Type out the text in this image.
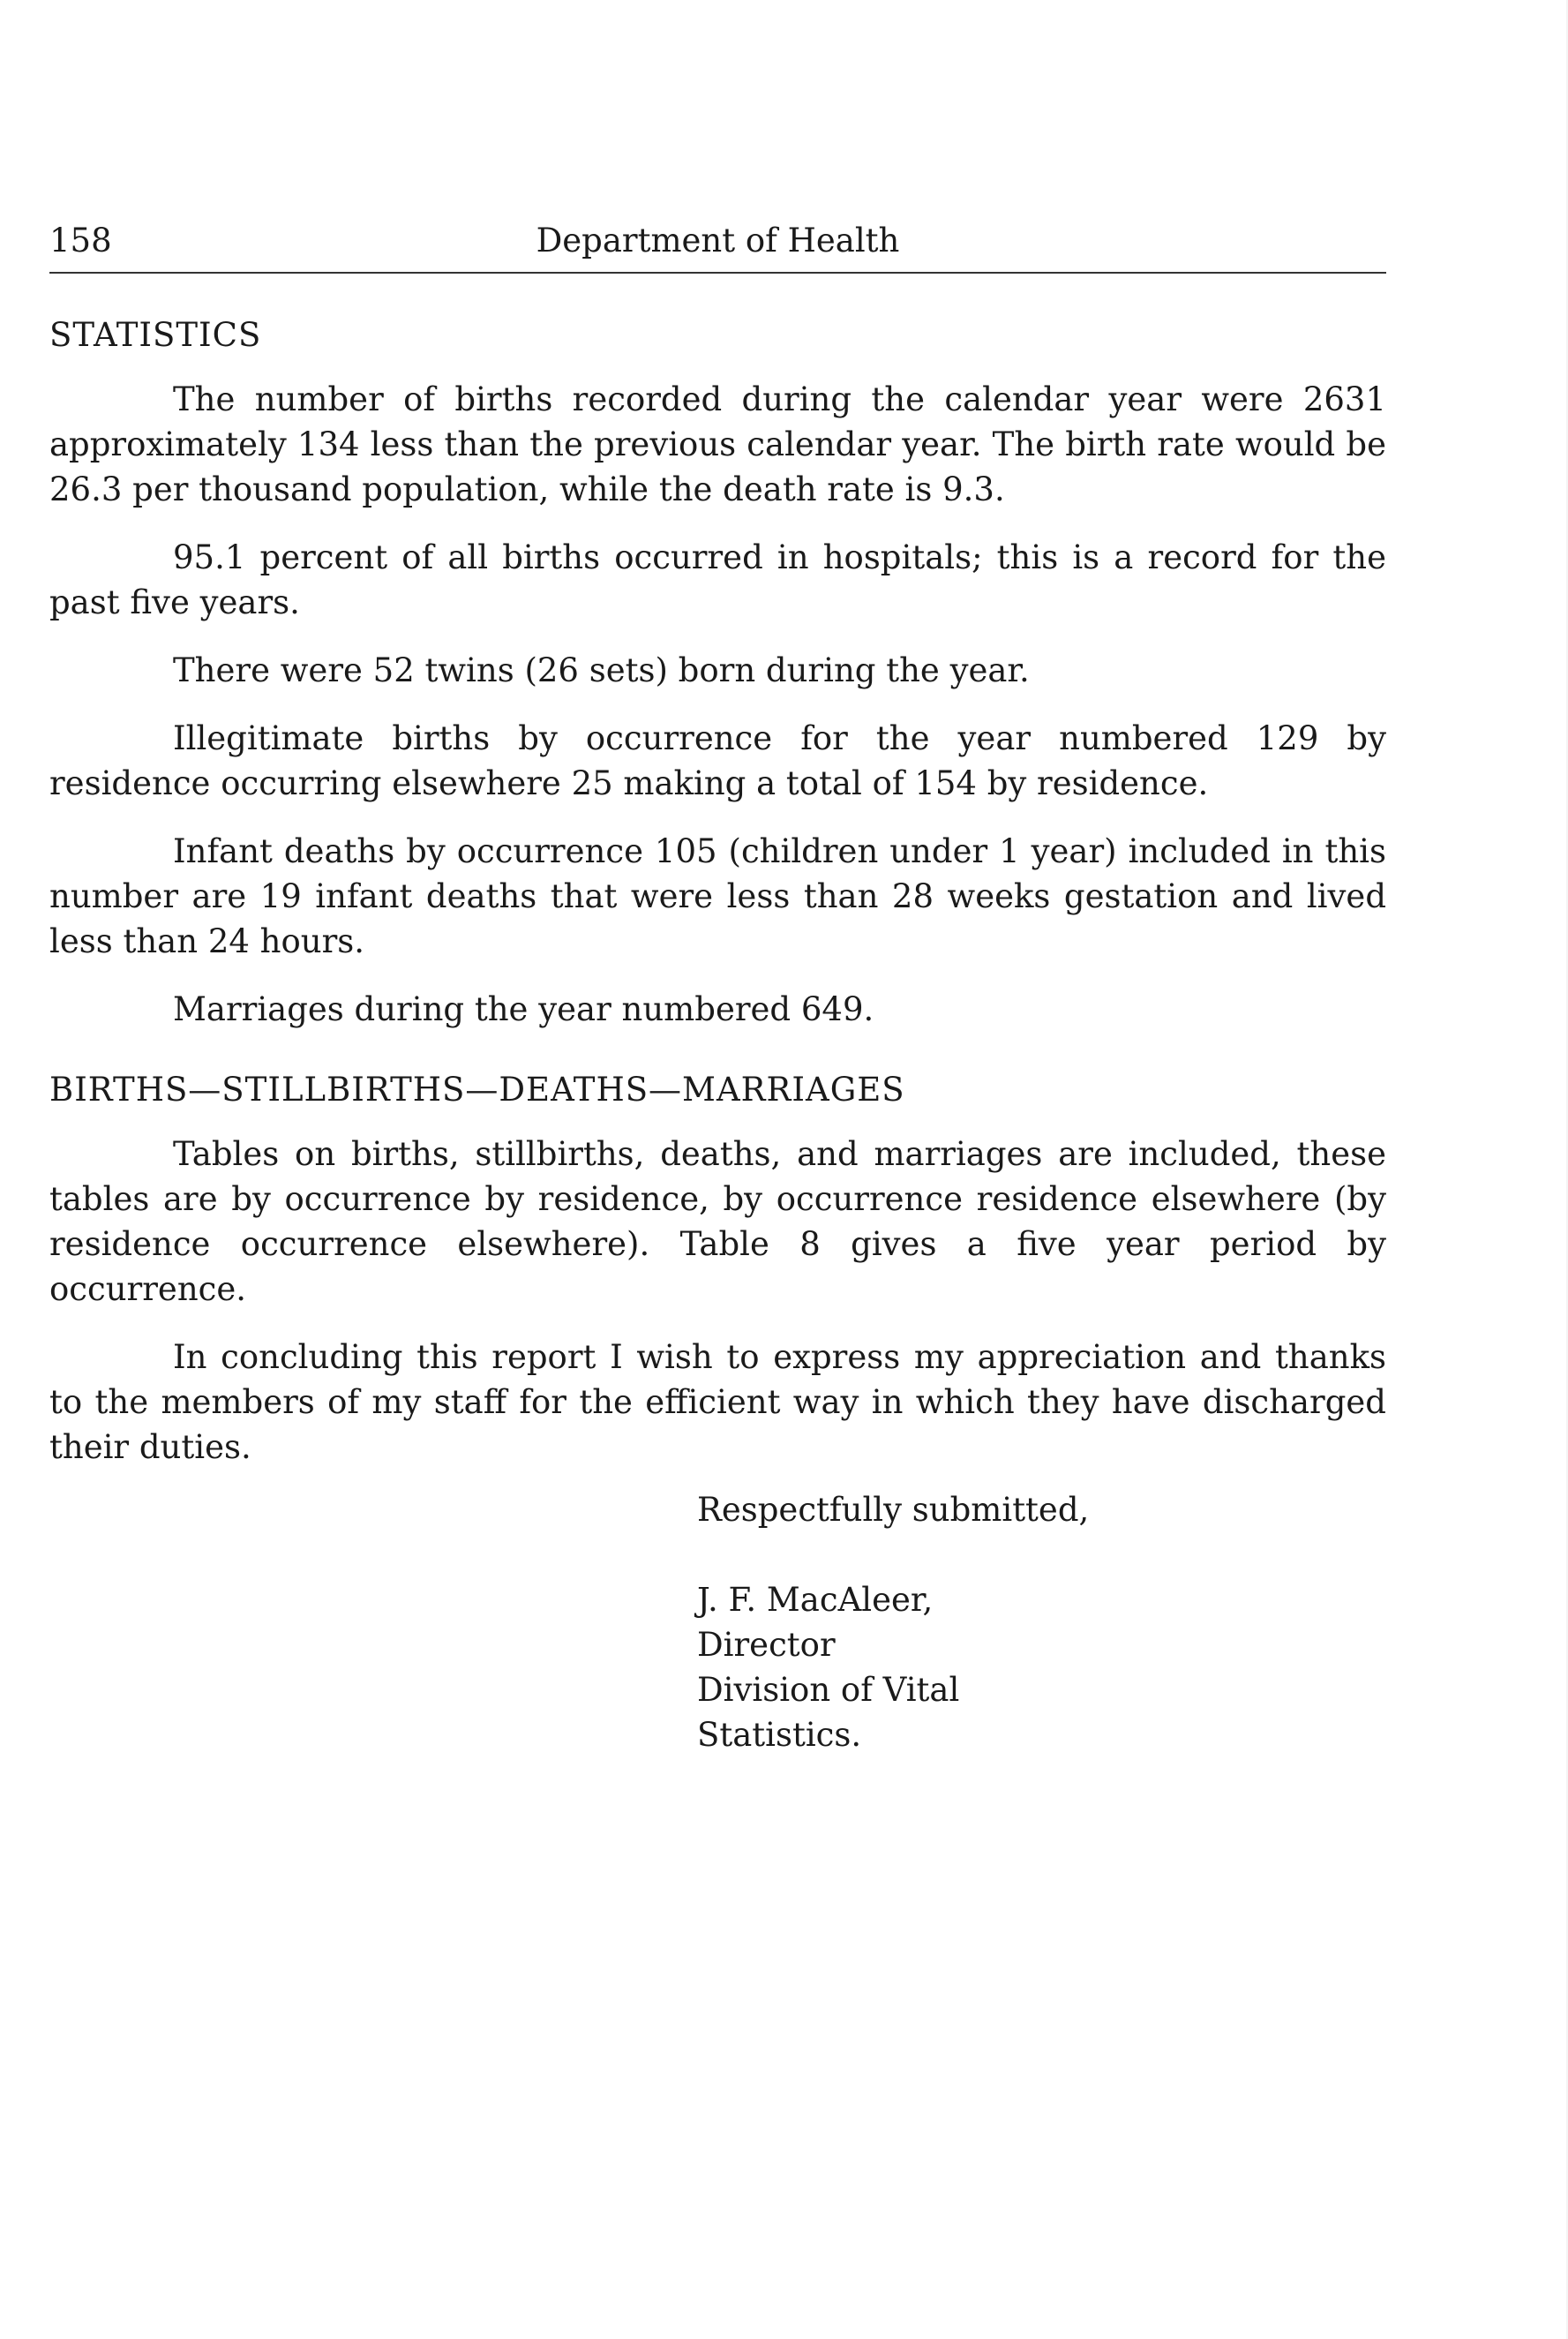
158	Department of Health
STATISTICS

The number of births recorded during the calendar year were 2631 approximately 134 less than the previous calendar year. The birth rate would be 26.3 per thousand population, while the death rate is 9.3.

95.1 percent of all births occurred in hospitals; this is a record for the past five years.

There were 52 twins (26 sets) born during the year.

Illegitimate births by occurrence for the year numbered 129 by residence occurring elsewhere 25 making a total of 154 by residence.

Infant deaths by occurrence 105 (children under 1 year) included in this number are 19 infant deaths that were less than 28 weeks gestation and lived less than 24 hours.

Marriages during the year numbered 649.

BIRTHS—STILLBIRTHS—DEATHS—MARRIAGES

Tables on births, stillbirths, deaths, and marriages are included, these tables are by occurrence by residence, by occurrence residence elsewhere (by residence occurrence elsewhere). Table 8 gives a five year period by occurrence.

In concluding this report I wish to express my appreciation and thanks to the members of my staff for the efficient way in which they have discharged their duties.

Respectfully submitted,
J. F. MacAleer,
Director
Division of Vital
Statistics.
